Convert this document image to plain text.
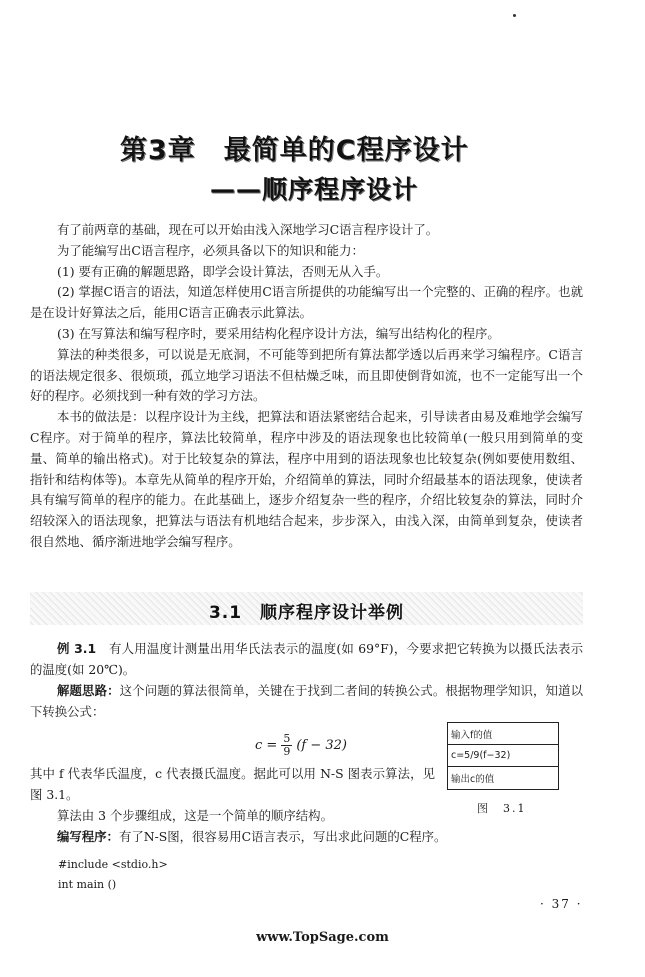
第3章　最简单的C程序设计
——顺序程序设计

有了前两章的基础，现在可以开始由浅入深地学习C语言程序设计了。

为了能编写出C语言程序，必须具备以下的知识和能力：

(1) 要有正确的解题思路，即学会设计算法，否则无从入手。

(2) 掌握C语言的语法，知道怎样使用C语言所提供的功能编写出一个完整的、正确的程序。也就是在设计好算法之后，能用C语言正确表示此算法。

(3) 在写算法和编写程序时，要采用结构化程序设计方法，编写出结构化的程序。

算法的种类很多，可以说是无底洞，不可能等到把所有算法都学透以后再来学习编程序。C语言的语法规定很多、很烦琐，孤立地学习语法不但枯燥乏味，而且即使倒背如流，也不一定能写出一个好的程序。必须找到一种有效的学习方法。

本书的做法是：以程序设计为主线，把算法和语法紧密结合起来，引导读者由易及难地学会编写C程序。对于简单的程序，算法比较简单，程序中涉及的语法现象也比较简单(一般只用到简单的变量、简单的输出格式)。对于比较复杂的算法，程序中用到的语法现象也比较复杂(例如要使用数组、指针和结构体等)。本章先从简单的程序开始，介绍简单的算法，同时介绍最基本的语法现象，使读者具有编写简单的程序的能力。在此基础上，逐步介绍复杂一些的程序，介绍比较复杂的算法，同时介绍较深入的语法现象，把算法与语法有机地结合起来，步步深入，由浅入深，由简单到复杂，使读者很自然地、循序渐进地学会编写程序。

3.1　顺序程序设计举例

例 3.1　 有人用温度计测量出用华氏法表示的温度(如 69°F)，今要求把它转换为以摄氏法表示的温度(如 20℃)。

解题思路：这个问题的算法很简单，关键在于找到二者间的转换公式。根据物理学知识，知道以下转换公式：

$c = \frac{5}{9} (f - 32)$
输入f的值
c=5/9(f−32)
输出c的值
图　3.1

其中 f 代表华氏温度，c 代表摄氏温度。据此可以用 N-S 图表示算法，见图 3.1。

算法由 3 个步骤组成，这是一个简单的顺序结构。

编写程序：有了N-S图，很容易用C语言表示，写出求此问题的C程序。

#include <stdio.h>
int main ()
· 37 ·
www.TopSage.com
